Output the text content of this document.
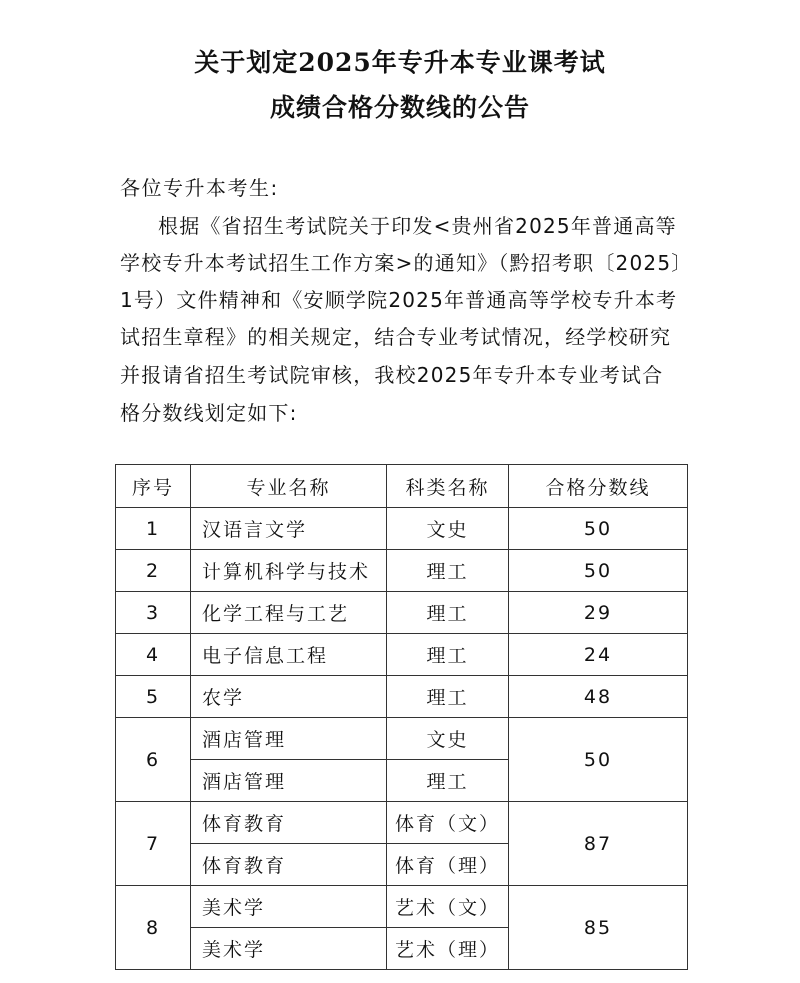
关于划定2025年专升本专业课考试
成绩合格分数线的公告
各位专升本考生:
根据《省招生考试院关于印发<贵州省2025年普通高等
学校专升本考试招生工作方案>的通知》（黔招考职〔2025〕
1号）文件精神和《安顺学院2025年普通高等学校专升本考
试招生章程》的相关规定，结合专业考试情况，经学校研究
并报请省招生考试院审核，我校2025年专升本专业考试合
格分数线划定如下:
序号	专业名称	科类名称	合格分数线
1	汉语言文学	文史	50
2	计算机科学与技术	理工	50
3	化学工程与工艺	理工	29
4	电子信息工程	理工	24
5	农学	理工	48
6	酒店管理	文史	50
	酒店管理	理工	
7	体育教育	体育（文）	87
	体育教育	体育（理）	
8	美术学	艺术（文）	85
	美术学	艺术（理）	
